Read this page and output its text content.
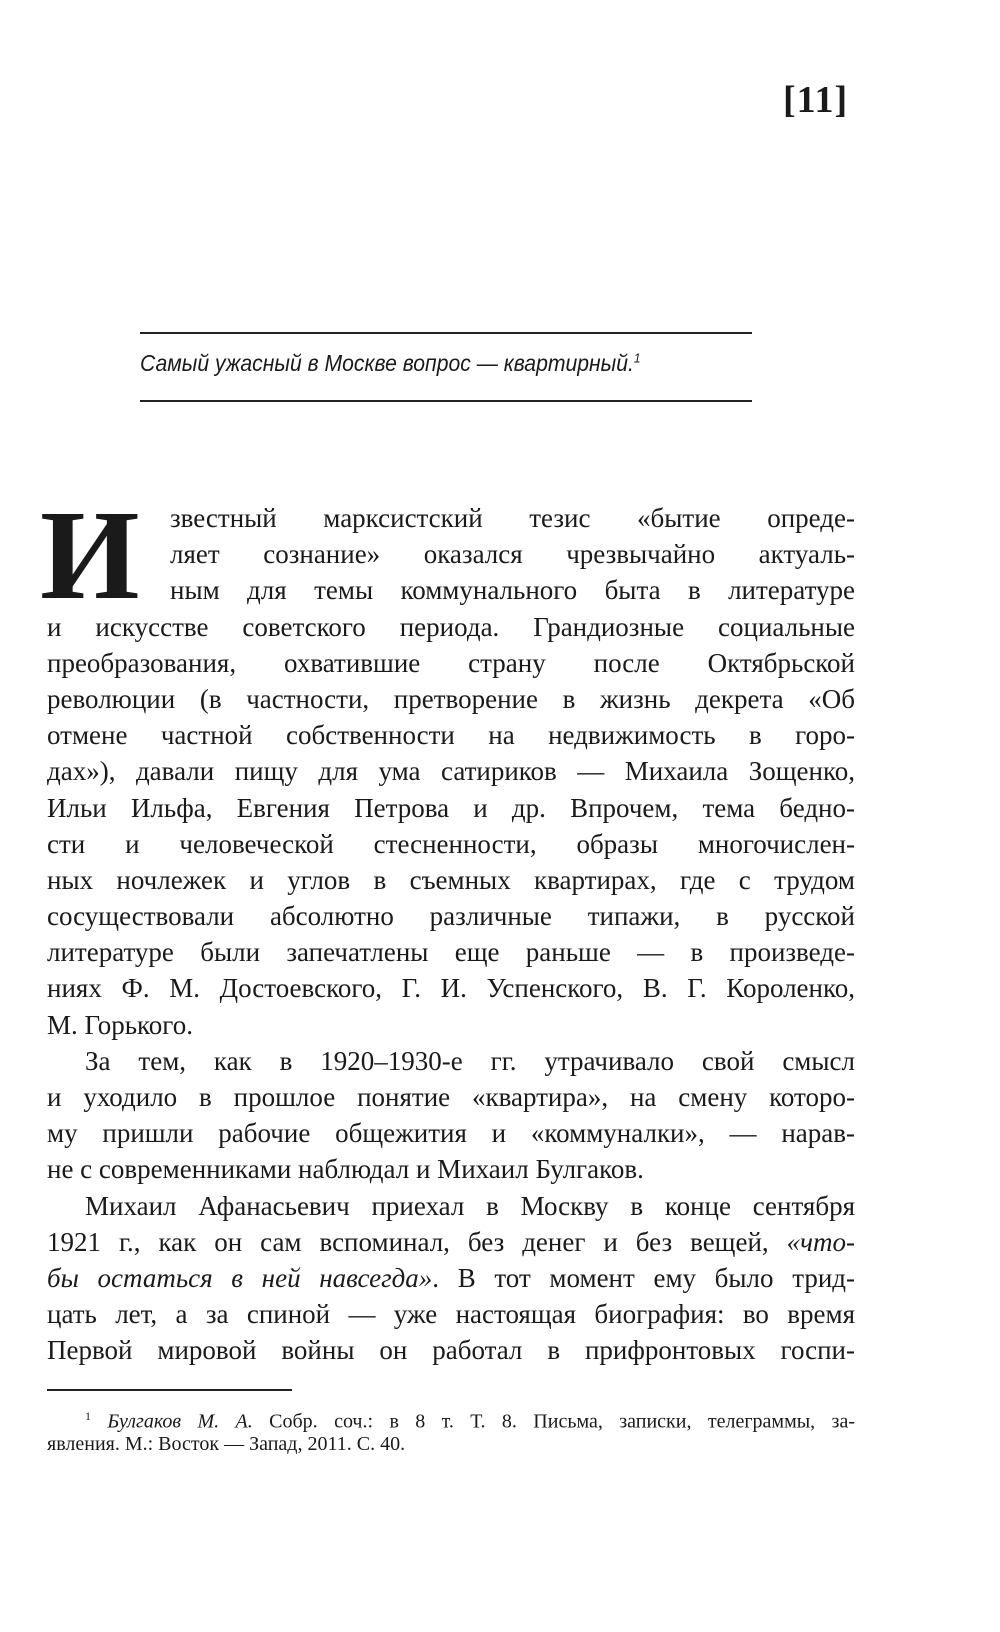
[11]
Самый ужасный в Москве вопрос — квартирный.$^1$
И	звестный марксистский тезис «бытие опреде-
ляет сознание» оказался чрезвычайно актуаль-
ным для темы коммунального быта в литературе
и искусстве советского периода. Грандиозные социальные
преобразования, охватившие страну после Октябрьской
революции (в частности, претворение в жизнь декрета «Об
отмене частной собственности на недвижимость в горо-
дах»), давали пищу для ума сатириков — Михаила Зощенко,
Ильи Ильфа, Евгения Петрова и др. Впрочем, тема бедно-
сти и человеческой стесненности, образы многочислен-
ных ночлежек и углов в съемных квартирах, где с трудом
сосуществовали абсолютно различные типажи, в русской
литературе были запечатлены еще раньше — в произведе-
ниях Ф. М. Достоевского, Г. И. Успенского, В. Г. Короленко,
М. Горького.
За тем, как в 1920–1930-е гг. утрачивало свой смысл
и уходило в прошлое понятие «квартира», на смену которо-
му пришли рабочие общежития и «коммуналки», — нарав-
не с современниками наблюдал и Михаил Булгаков.
Михаил Афанасьевич приехал в Москву в конце сентября
1921 г., как он сам вспоминал, без денег и без вещей, «что-
бы остаться в ней навсегда». В тот момент ему было трид-
цать лет, а за спиной — уже настоящая биография: во время
Первой мировой войны он работал в прифронтовых госпи-
$^1$ Булгаков М. А. Собр. соч.: в 8 т. Т. 8. Письма, записки, телеграммы, за-
явления. М.: Восток — Запад, 2011. С. 40.
